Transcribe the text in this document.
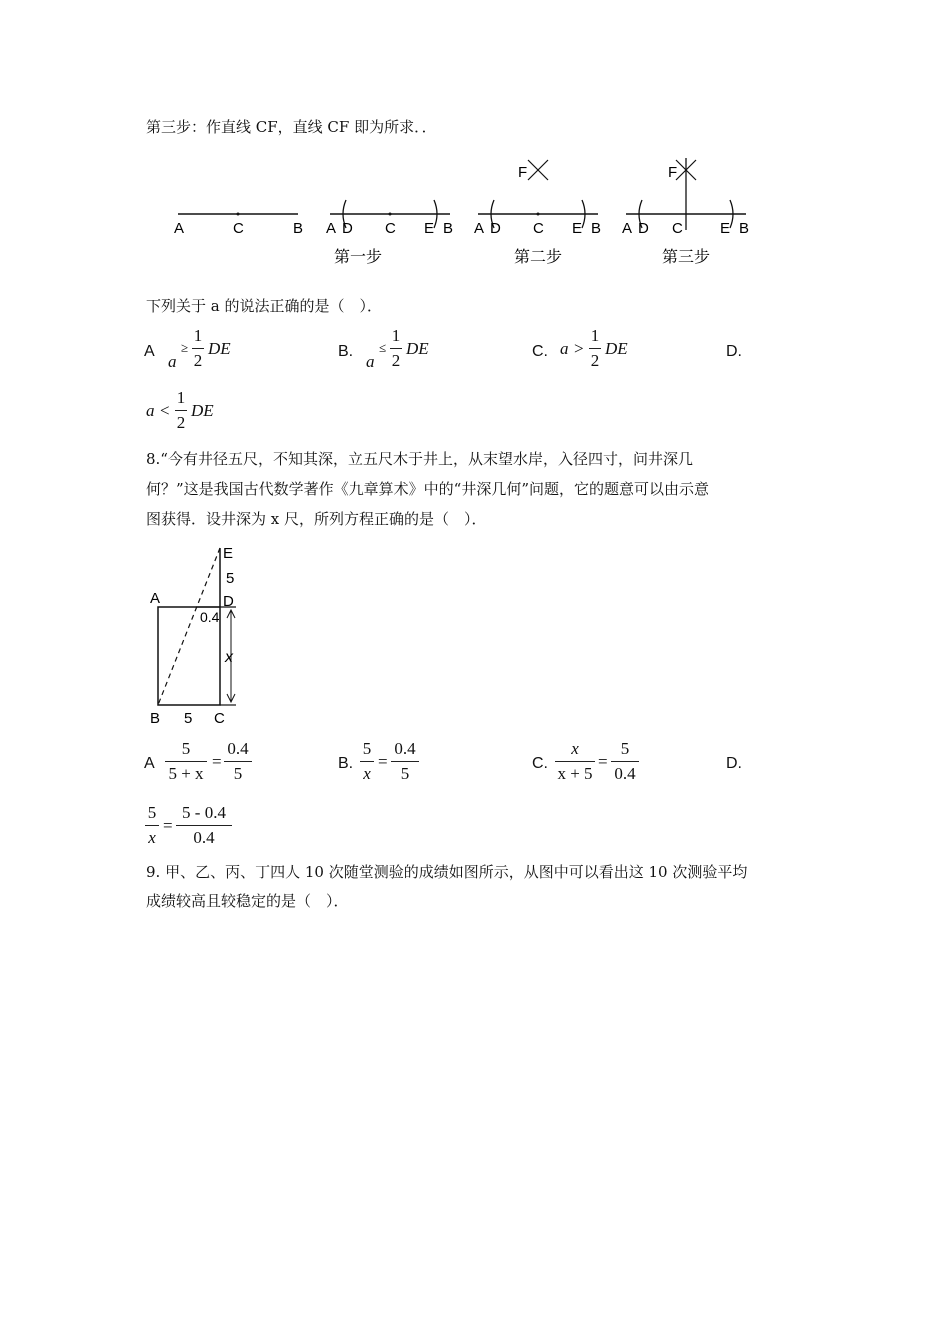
第三步：作直线 CF，直线 CF 即为所求．．
A	C	B
第一步
A D C E B
F
A D C E B
第二步
F
A D C E B
第三步
下列关于 a 的说法正确的是（　）．
A
a
≥
1
2
DE	B.
a
≤
1
2
DE	C. a >
1
2
DE	D.
a <
1
2
DE
8.“今有井径五尺，不知其深，立五尺木于井上，从末望水岸，入径四寸，问井深几
何？”这是我国古代数学著作《九章算术》中的“井深几何”问题，它的题意可以由示意
图获得．设井深为 x 尺，所列方程正确的是（　）．
E
5
A	D
0.4
x
B 5 C
A
5
5 + x
=
0.4
5
B.
5
x
=
0.4
5
C.
x
x + 5
=
5
0.4
D.
5
x
=
5 - 0.4
0.4
9. 甲、乙、丙、丁四人 10 次随堂测验的成绩如图所示，从图中可以看出这 10 次测验平均
成绩较高且较稳定的是（　）．
